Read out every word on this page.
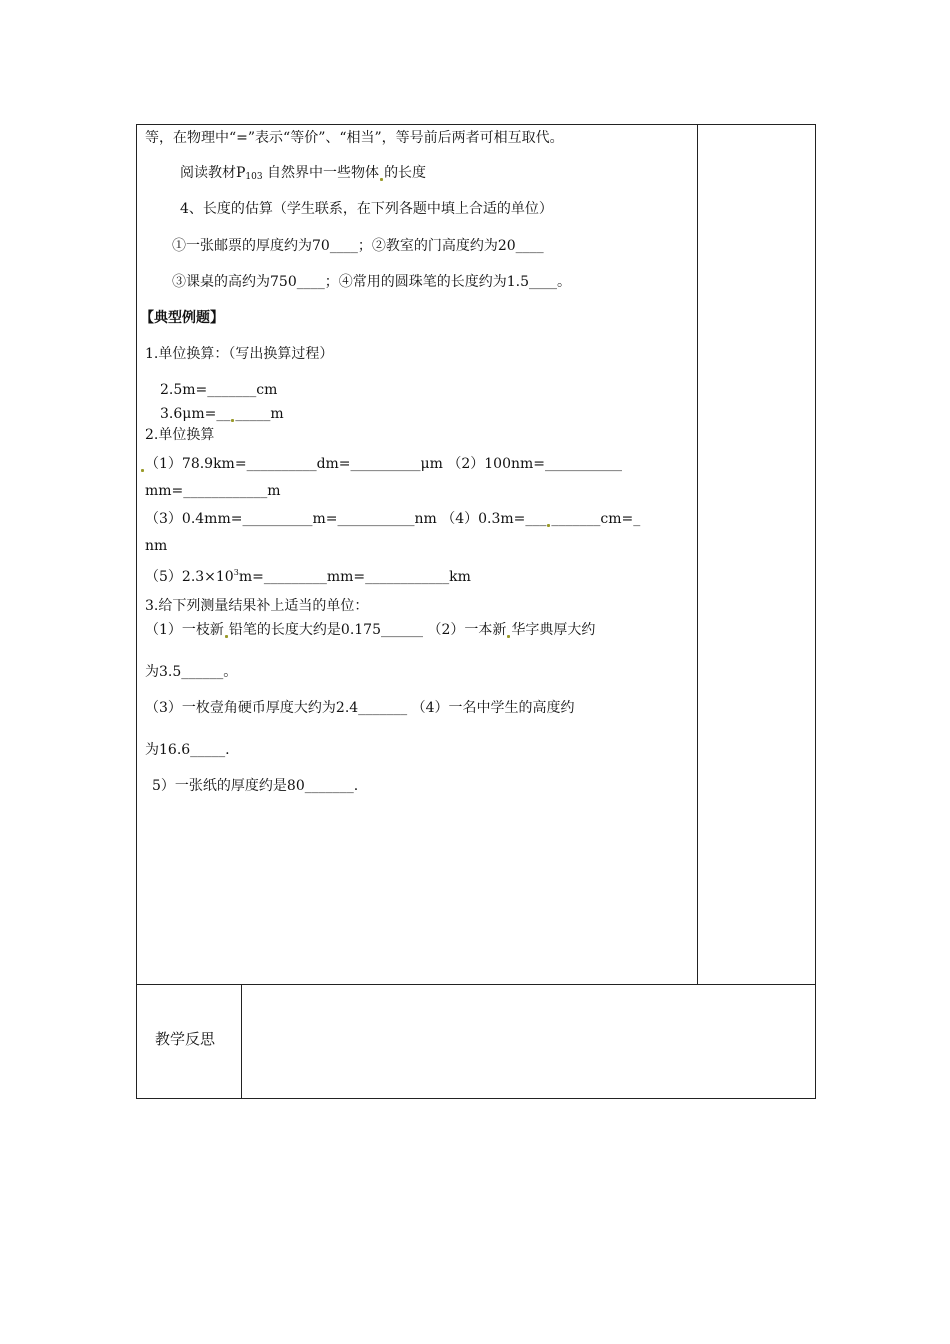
等，在物理中“=”表示“等价”、“相当”，等号前后两者可相互取代。
阅读教材$P_{103}$ 自然界中一些物体 的长度
4、长度的估算（学生联系，在下列各题中填上合适的单位）
①一张邮票的厚度约为70____；②教室的门高度约为20____
③课桌的高约为750____；④常用的圆珠笔的长度约为1.5____。
【典型例题】
1.单位换算：（写出换算过程）
2.5m=_______cm
3.6μm=__ _____m
2.单位换算
（1）78.9km=__________dm=__________μm （2）100nm=___________
mm=____________m
（3）0.4mm=__________m=___________nm （4）0.3m=___ _______cm=_
nm
$(5)2.3\times 10^3m=\_\_\_\_\_\_\_\_\_mm=\_\_\_\_\_\_\_\_\_\_\_\_km$
3.给下列测量结果补上适当的单位：
（1）一枝新 铅笔的长度大约是0.175______ （2）一本新 华字典厚大约
为3.5______。
（3）一枚壹角硬币厚度大约为2.4_______ （4）一名中学生的高度约
为16.6_____.
5）一张纸的厚度约是80_______.
教学反思
